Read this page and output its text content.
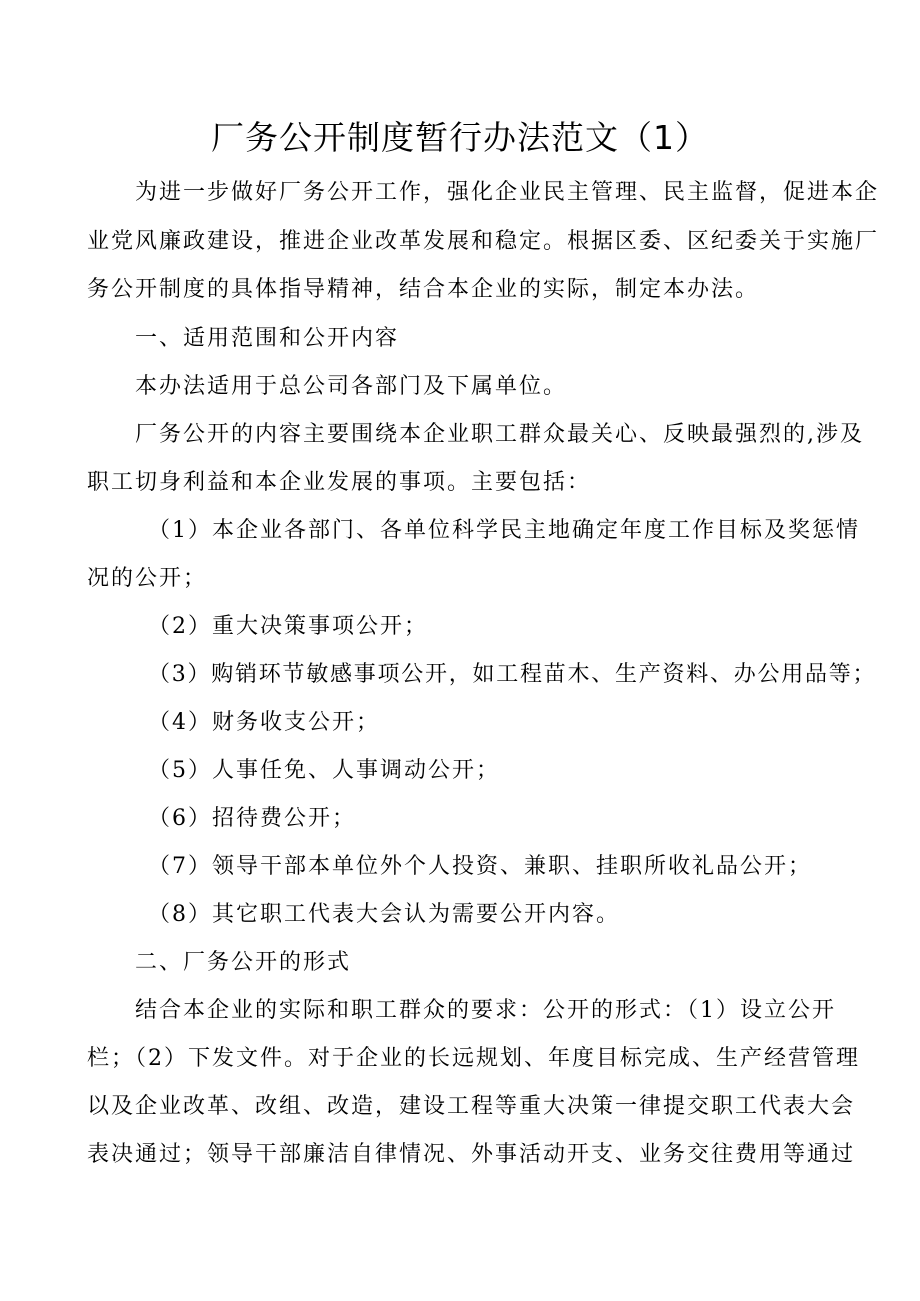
厂务公开制度暂行办法范文（1）
为进一步做好厂务公开工作，强化企业民主管理、民主监督，促进本企
业党风廉政建设，推进企业改革发展和稳定。根据区委、区纪委关于实施厂
务公开制度的具体指导精神，结合本企业的实际，制定本办法。
一、适用范围和公开内容
本办法适用于总公司各部门及下属单位。
厂务公开的内容主要围绕本企业职工群众最关心、反映最强烈的,涉及
职工切身利益和本企业发展的事项。主要包括：
（1）本企业各部门、各单位科学民主地确定年度工作目标及奖惩情
况的公开；
（2）重大决策事项公开；
（3）购销环节敏感事项公开，如工程苗木、生产资料、办公用品等；
（4）财务收支公开；
（5）人事任免、人事调动公开；
（6）招待费公开；
（7）领导干部本单位外个人投资、兼职、挂职所收礼品公开；
（8）其它职工代表大会认为需要公开内容。
二、厂务公开的形式
结合本企业的实际和职工群众的要求：公开的形式：（1）设立公开
栏；（2）下发文件。对于企业的长远规划、年度目标完成、生产经营管理
以及企业改革、改组、改造，建设工程等重大决策一律提交职工代表大会
表决通过；领导干部廉洁自律情况、外事活动开支、业务交往费用等通过
